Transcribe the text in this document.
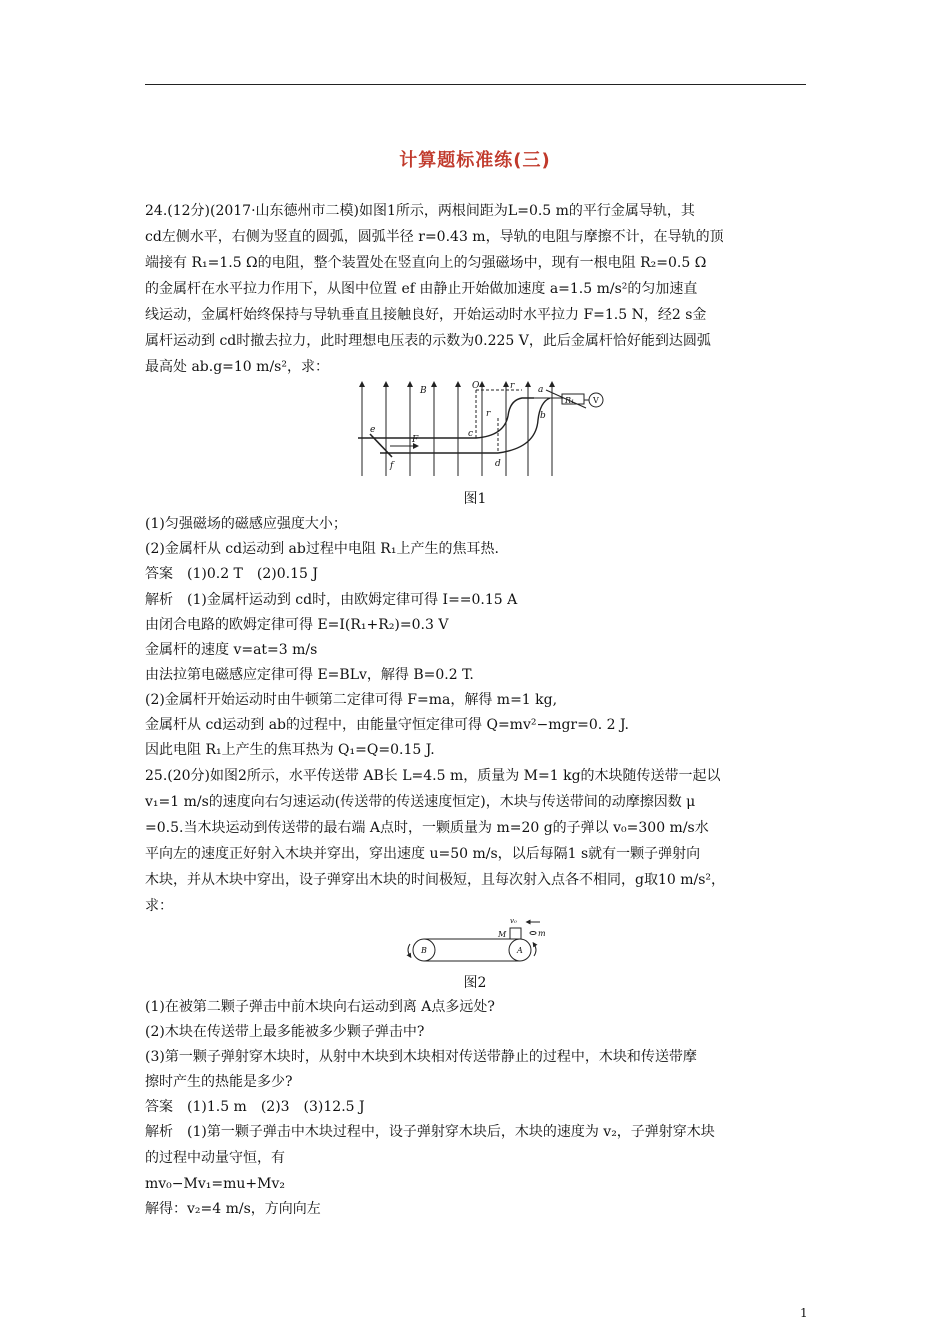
计算题标准练(三)
24.(12分)(2017·山东德州市二模)如图1所示，两根间距为L=0.5 m的平行金属导轨，其
cd左侧水平，右侧为竖直的圆弧，圆弧半径 r=0.43 m，导轨的电阻与摩擦不计，在导轨的顶
端接有 R₁=1.5 Ω的电阻，整个装置处在竖直向上的匀强磁场中，现有一根电阻 R₂=0.5 Ω
的金属杆在水平拉力作用下，从图中位置 ef 由静止开始做加速度 a=1.5 m/s²的匀加速直
线运动，金属杆始终保持与导轨垂直且接触良好，开始运动时水平拉力 F=1.5 N，经2 s金
属杆运动到 cd时撤去拉力，此时理想电压表的示数为0.225 V，此后金属杆恰好能到达圆弧
最高处 ab.g=10 m/s²，求：
B	O
r
r	a
b
c
d
e
f
F
R₁ V
图1
(1)匀强磁场的磁感应强度大小；
(2)金属杆从 cd运动到 ab过程中电阻 R₁上产生的焦耳热.
答案　(1)0.2 T　(2)0.15 J
解析　(1)金属杆运动到 cd时，由欧姆定律可得 I==0.15 A
由闭合电路的欧姆定律可得 E=I(R₁+R₂)=0.3 V
金属杆的速度 v=at=3 m/s
由法拉第电磁感应定律可得 E=BLv，解得 B=0.2 T.
(2)金属杆开始运动时由牛顿第二定律可得 F=ma，解得 m=1 kg,
金属杆从 cd运动到 ab的过程中，由能量守恒定律可得 Q=mv²−mgr=0. 2 J.
因此电阻 R₁上产生的焦耳热为 Q₁=Q=0.15 J.
25.(20分)如图2所示，水平传送带 AB长 L=4.5 m，质量为 M=1 kg的木块随传送带一起以
v₁=1 m/s的速度向右匀速运动(传送带的传送速度恒定)，木块与传送带间的动摩擦因数 μ
=0.5.当木块运动到传送带的最右端 A点时，一颗质量为 m=20 g的子弹以 v₀=300 m/s水
平向左的速度正好射入木块并穿出，穿出速度 u=50 m/s，以后每隔1 s就有一颗子弹射向
木块，并从木块中穿出，设子弹穿出木块的时间极短，且每次射入点各不相同，g取10 m/s²，
求：
v₀
M	m
B	A
图2
(1)在被第二颗子弹击中前木块向右运动到离 A点多远处?
(2)木块在传送带上最多能被多少颗子弹击中?
(3)第一颗子弹射穿木块时，从射中木块到木块相对传送带静止的过程中，木块和传送带摩
擦时产生的热能是多少?
答案　(1)1.5 m　(2)3　(3)12.5 J
解析　(1)第一颗子弹击中木块过程中，设子弹射穿木块后，木块的速度为 v₂，子弹射穿木块
的过程中动量守恒，有
mv₀−Mv₁=mu+Mv₂
解得：v₂=4 m/s，方向向左
1
